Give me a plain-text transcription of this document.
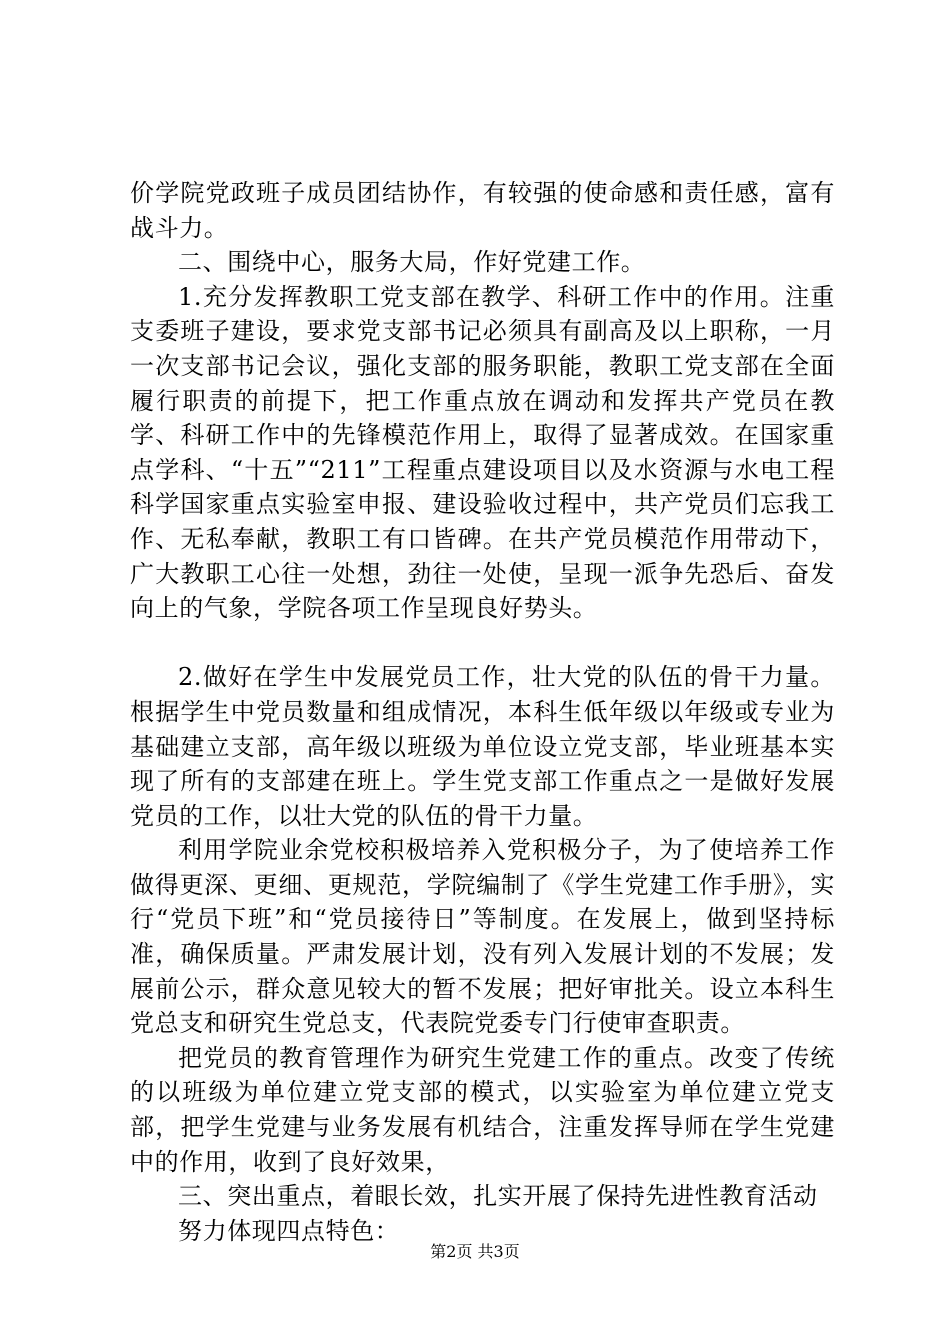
价学院党政班子成员团结协作，有较强的使命感和责任感，富有战斗力。

二、围绕中心，服务大局，作好党建工作。

1.充分发挥教职工党支部在教学、科研工作中的作用。注重支委班子建设，要求党支部书记必须具有副高及以上职称，一月一次支部书记会议，强化支部的服务职能，教职工党支部在全面履行职责的前提下，把工作重点放在调动和发挥共产党员在教学、科研工作中的先锋模范作用上，取得了显著成效。在国家重点学科、“十五”“211”工程重点建设项目以及水资源与水电工程科学国家重点实验室申报、建设验收过程中，共产党员们忘我工作、无私奉献，教职工有口皆碑。在共产党员模范作用带动下，广大教职工心往一处想，劲往一处使，呈现一派争先恐后、奋发向上的气象，学院各项工作呈现良好势头。

2.做好在学生中发展党员工作，壮大党的队伍的骨干力量。根据学生中党员数量和组成情况，本科生低年级以年级或专业为基础建立支部，高年级以班级为单位设立党支部，毕业班基本实现了所有的支部建在班上。学生党支部工作重点之一是做好发展党员的工作，以壮大党的队伍的骨干力量。

利用学院业余党校积极培养入党积极分子，为了使培养工作做得更深、更细、更规范，学院编制了《学生党建工作手册》，实行“党员下班”和“党员接待日”等制度。在发展上，做到坚持标准，确保质量。严肃发展计划，没有列入发展计划的不发展；发展前公示，群众意见较大的暂不发展；把好审批关。设立本科生党总支和研究生党总支，代表院党委专门行使审查职责。

把党员的教育管理作为研究生党建工作的重点。改变了传统的以班级为单位建立党支部的模式，以实验室为单位建立党支部，把学生党建与业务发展有机结合，注重发挥导师在学生党建中的作用，收到了良好效果，

三、突出重点，着眼长效，扎实开展了保持先进性教育活动

努力体现四点特色：

第2页 共3页
